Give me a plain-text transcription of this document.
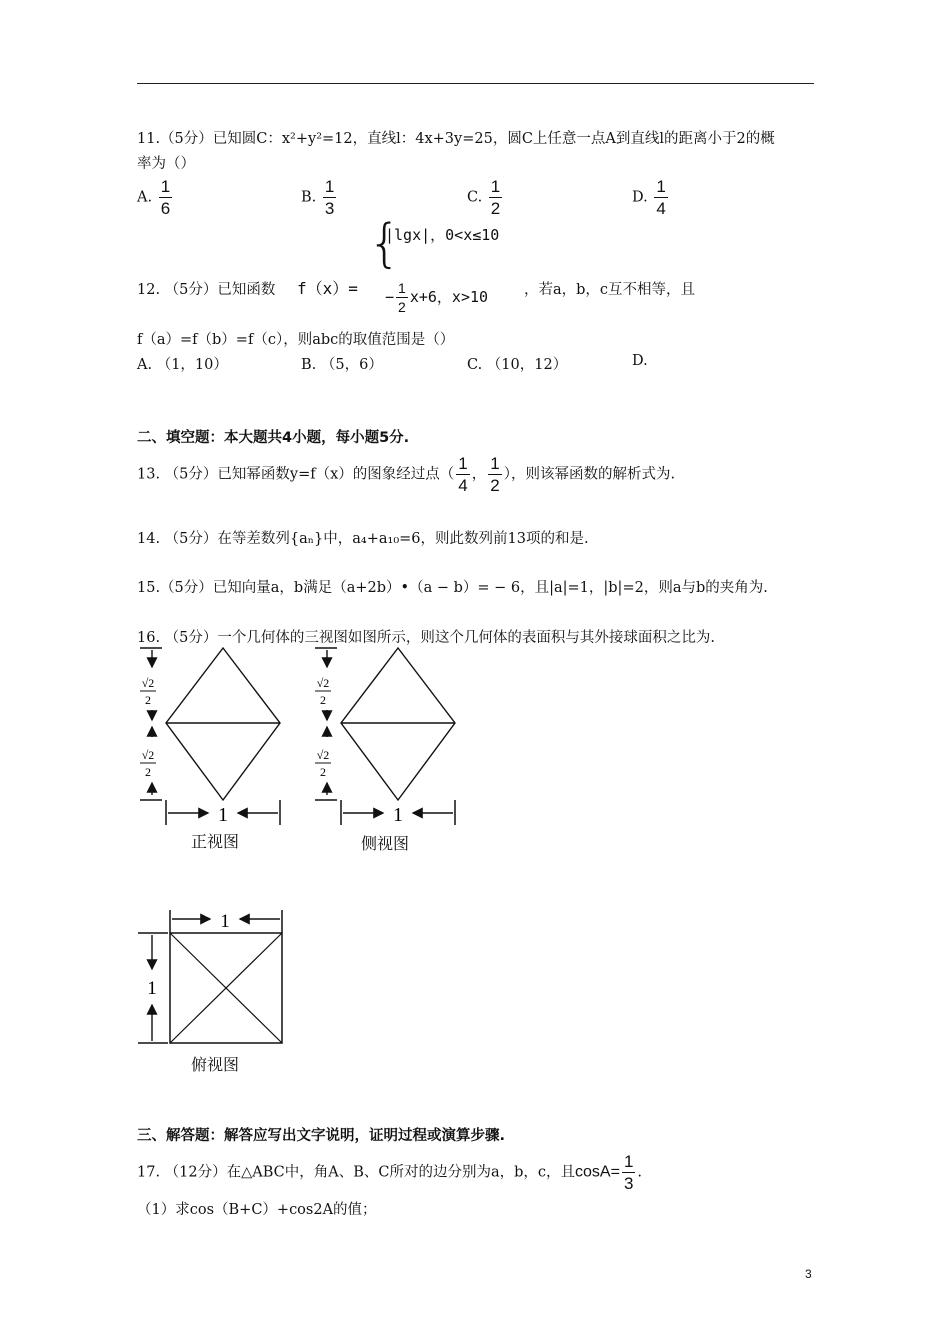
11.（5分）已知圆C：x²+y²=12，直线l：4x+3y=25，圆C上任意一点A到直线l的距离小于2的概
率为（）
A. $\frac{1}{6}$	B. $\frac{1}{3}$	C. $\frac{1}{2}$	D. $\frac{1}{4}$
12. （5分）已知函数 f（x）=
{
|lgx|，0<x≤10
− $\frac{1}{2} x+6$，x>10 ，若a，b，c互不相等，且
f（a）=f（b）=f（c），则abc的取值范围是（）
A. （1，10）	B. （5，6）	C. （10，12）	D.
二、填空题：本大题共4小题，每小题5分.
13. （5分）已知幂函数y=f（x）的图象经过点（ $\frac{1}{4}$ ， $\frac{1}{2}$ ），则该幂函数的解析式为.
14. （5分）在等差数列{aₙ}中，a₄+a₁₀=6，则此数列前13项的和是.
15.（5分）已知向量a，b满足（a+2b）•（a − b）= − 6，且|a|=1，|b|=2，则a与b的夹角为.
16. （5分）一个几何体的三视图如图所示，则这个几何体的表面积与其外接球面积之比为.
√2
2
√2
2
1
√2
2
√2
2
1
正视图	侧视图
1
1
俯视图
三、解答题：解答应写出文字说明，证明过程或演算步骤.
17. （12分）在△ABC中，角A、B、C所对的边分别为a，b，c，且$\cos A= \frac{1}{3}$ .
（1）求cos（B+C）+cos2A的值；
3
